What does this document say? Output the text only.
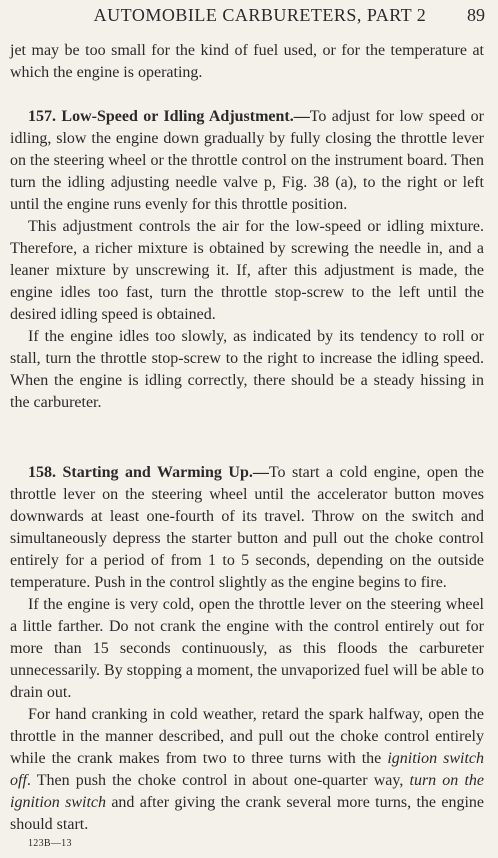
AUTOMOBILE CARBURETERS, PART 2	89

jet may be too small for the kind of fuel used, or for the temperature at which the engine is operating.

157. Low-Speed or Idling Adjustment.—To adjust for low speed or idling, slow the engine down gradually by fully closing the throttle lever on the steering wheel or the throttle control on the instrument board. Then turn the idling adjusting needle valve p, Fig. 38 (a), to the right or left until the engine runs evenly for this throttle position.

This adjustment controls the air for the low-speed or idling mixture. Therefore, a richer mixture is obtained by screwing the needle in, and a leaner mixture by unscrewing it. If, after this adjustment is made, the engine idles too fast, turn the throttle stop-screw to the left until the desired idling speed is obtained.

If the engine idles too slowly, as indicated by its tendency to roll or stall, turn the throttle stop-screw to the right to increase the idling speed. When the engine is idling correctly, there should be a steady hissing in the carbureter.

158. Starting and Warming Up.—To start a cold engine, open the throttle lever on the steering wheel until the accelerator button moves downwards at least one-fourth of its travel. Throw on the switch and simultaneously depress the starter button and pull out the choke control entirely for a period of from 1 to 5 seconds, depending on the outside temperature. Push in the control slightly as the engine begins to fire.

If the engine is very cold, open the throttle lever on the steering wheel a little farther. Do not crank the engine with the control entirely out for more than 15 seconds continuously, as this floods the carbureter unnecessarily. By stopping a moment, the unvaporized fuel will be able to drain out.

For hand cranking in cold weather, retard the spark halfway, open the throttle in the manner described, and pull out the choke control entirely while the crank makes from two to three turns with the ignition switch off. Then push the choke control in about one-quarter way, turn on the ignition switch and after giving the crank several more turns, the engine should start.

123B—13
